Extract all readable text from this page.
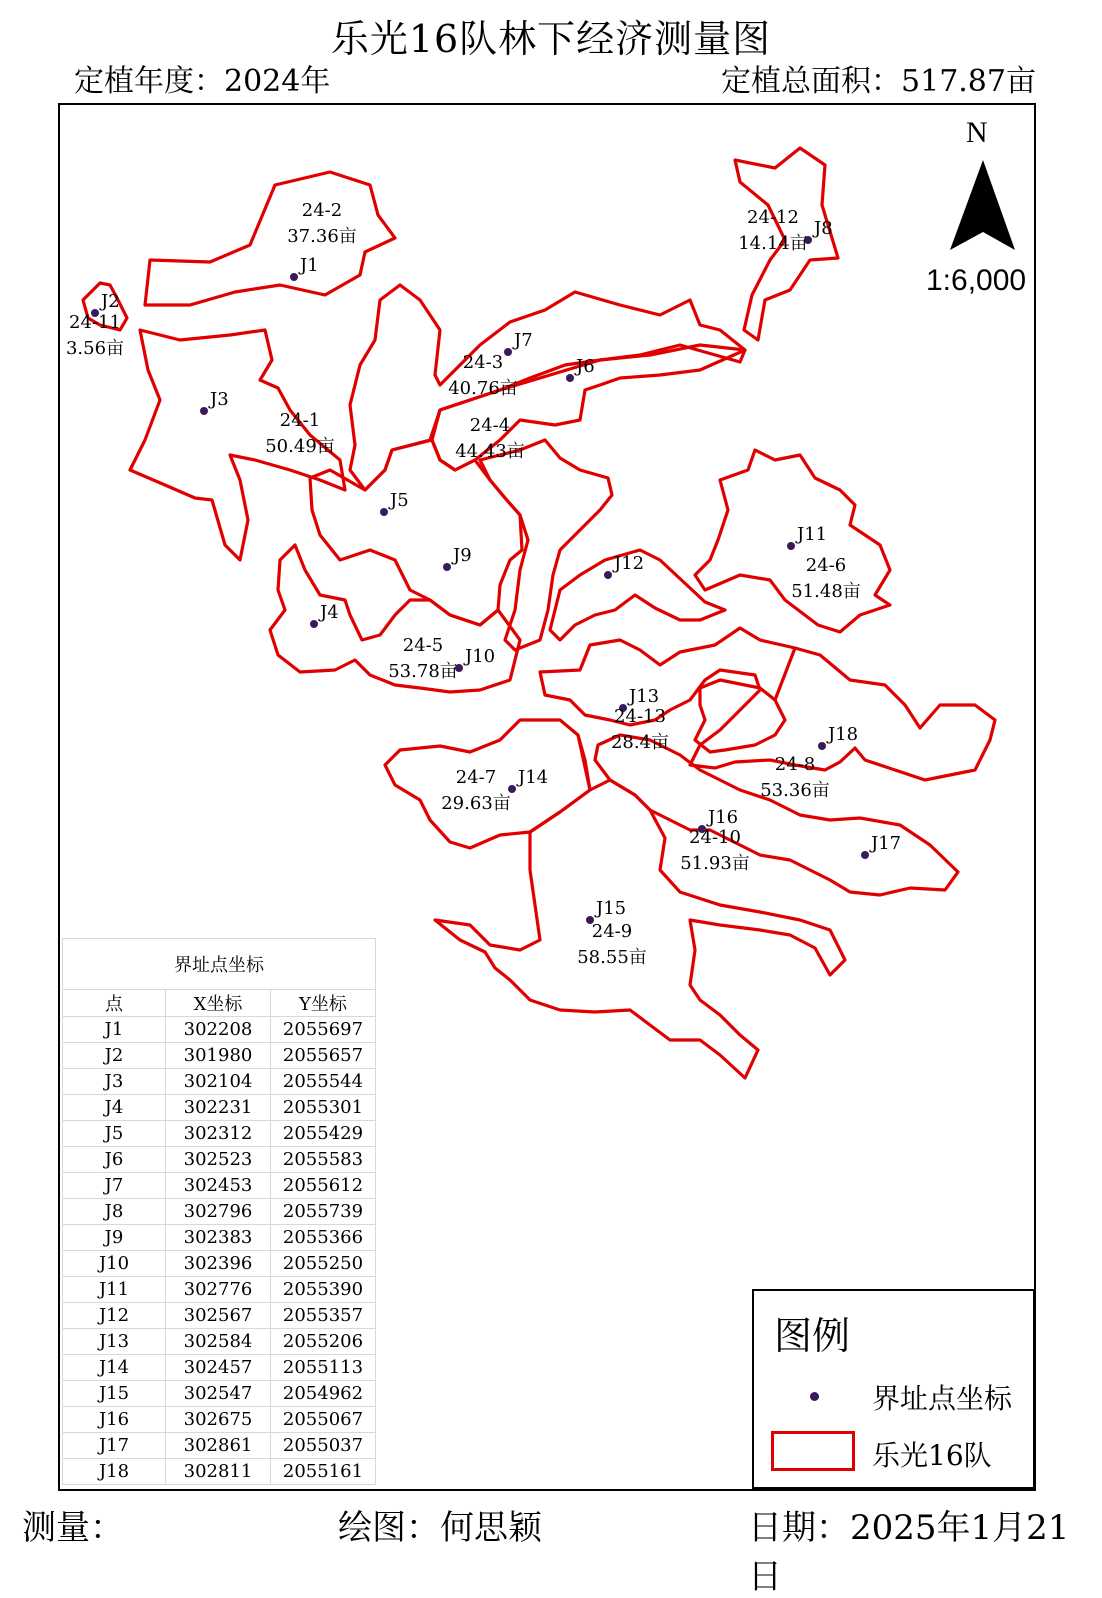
乐光16队林下经济测量图
定植年度：2024年	定植总面积：517.87亩
J1
J2
J3
J4
J5
J6
J7
J8
J9
J10
J11
J12
J13
J14
J15
J16
J17
J18
24-2
37.36亩
24-12
14.14亩
24-11
3.56亩
24-3
40.76亩
24-1
50.49亩
24-4
44.43亩
24-6
51.48亩
24-5
53.78亩
24-13
28.4亩
24-8
53.36亩
24-7
29.63亩
24-10
51.93亩
24-9
58.55亩
N
1:6,000
界址点坐标		
点	X坐标	Y坐标
J1	302208	2055697
J2	301980	2055657
J3	302104	2055544
J4	302231	2055301
J5	302312	2055429
J6	302523	2055583
J7	302453	2055612
J8	302796	2055739
J9	302383	2055366
J10	302396	2055250
J11	302776	2055390
J12	302567	2055357
J13	302584	2055206
J14	302457	2055113
J15	302547	2054962
J16	302675	2055067
J17	302861	2055037
J18	302811	2055161
图例
界址点坐标
乐光16队
测量：	绘图：何思颖	日期：2025年1月21日
